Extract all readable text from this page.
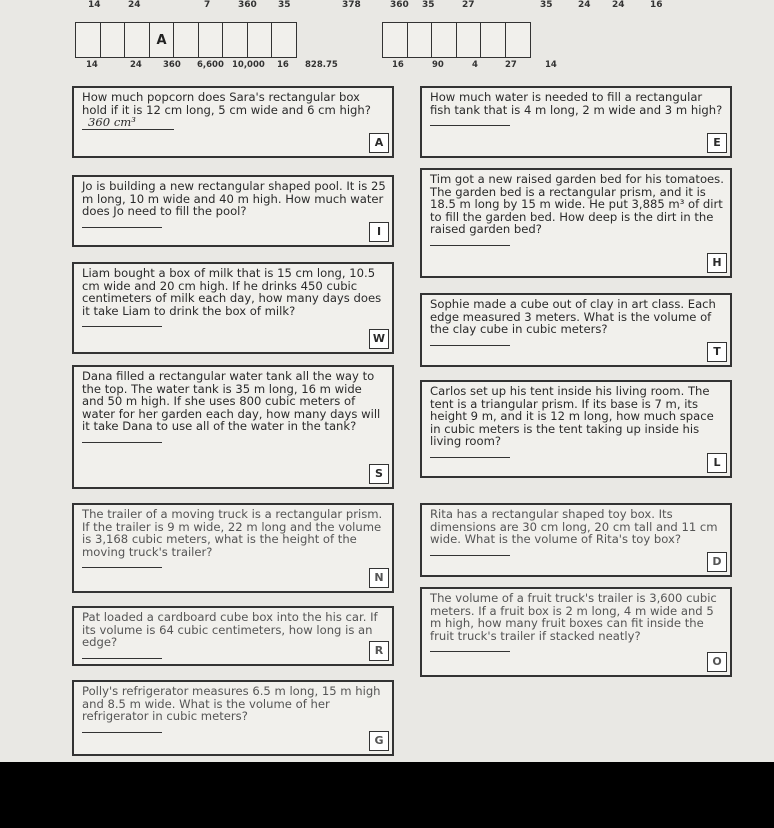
14	24	7	360 35	378	360 35	27	35	24 24	16
A
14	24 360 6,600 10,000 16 828.75	16	90	4	27	14

How much popcorn does Sara's rectangular box hold if it is 12 cm long, 5 cm wide and 6 cm high?

360 cm³
A

How much water is needed to fill a rectangular fish tank that is 4 m long, 2 m wide and 3 m high?

E

Jo is building a new rectangular shaped pool. It is 25 m long, 10 m wide and 40 m high. How much water does Jo need to fill the pool?

I

Tim got a new raised garden bed for his tomatoes. The garden bed is a rectangular prism, and it is 18.5 m long by 15 m wide. He put 3,885 m³ of dirt to fill the garden bed. How deep is the dirt in the raised garden bed?

H

Liam bought a box of milk that is 15 cm long, 10.5 cm wide and 20 cm high. If he drinks 450 cubic centimeters of milk each day, how many days does it take Liam to drink the box of milk?

W

Sophie made a cube out of clay in art class. Each edge measured 3 meters. What is the volume of the clay cube in cubic meters?

T

Dana filled a rectangular water tank all the way to the top. The water tank is 35 m long, 16 m wide and 50 m high. If she uses 800 cubic meters of water for her garden each day, how many days will it take Dana to use all of the water in the tank?

S

Carlos set up his tent inside his living room. The tent is a triangular prism. If its base is 7 m, its height 9 m, and it is 12 m long, how much space in cubic meters is the tent taking up inside his living room?

L

The trailer of a moving truck is a rectangular prism. If the trailer is 9 m wide, 22 m long and the volume is 3,168 cubic meters, what is the height of the moving truck's trailer?

N

Rita has a rectangular shaped toy box. Its dimensions are 30 cm long, 20 cm tall and 11 cm wide. What is the volume of Rita's toy box?

D

Pat loaded a cardboard cube box into the his car. If its volume is 64 cubic centimeters, how long is an edge?

R

The volume of a fruit truck's trailer is 3,600 cubic meters. If a fruit box is 2 m long, 4 m wide and 5 m high, how many fruit boxes can fit inside the fruit truck's trailer if stacked neatly?

O

Polly's refrigerator measures 6.5 m long, 15 m high and 8.5 m wide. What is the volume of her refrigerator in cubic meters?

G
